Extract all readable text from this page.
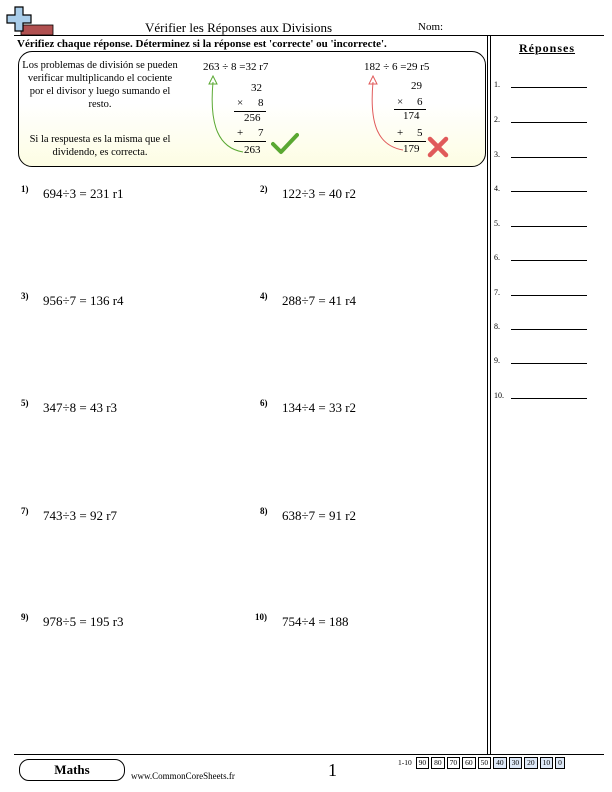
Vérifier les Réponses aux Divisions	Nom:
Vérifiez chaque réponse. Déterminez si la réponse est 'correcte' ou 'incorrecte'.
Los problemas de división se pueden verificar multiplicando el cociente por el divisor y luego sumando el resto.
Si la respuesta es la misma que el dividendo, es correcta.
263 ÷ 8 =32 r7
32
× 8
256
+ 7
263
182 ÷ 6 =29 r5
29
× 6
174
+ 5
179
1) 694÷3 = 231 r1	2) 122÷3 = 40 r2
3) 956÷7 = 136 r4	4) 288÷7 = 41 r4
5) 347÷8 = 43 r3	6) 134÷4 = 33 r2
7) 743÷3 = 92 r7	8) 638÷7 = 91 r2
9) 978÷5 = 195 r3	10) 754÷4 = 188
Réponses
1.
2.
3.
4.
5.
6.
7.
8.
9.
10.
Maths	www.CommonCoreSheets.fr	1	1-10 90 80 70 60 50 40 30 20 10 0
